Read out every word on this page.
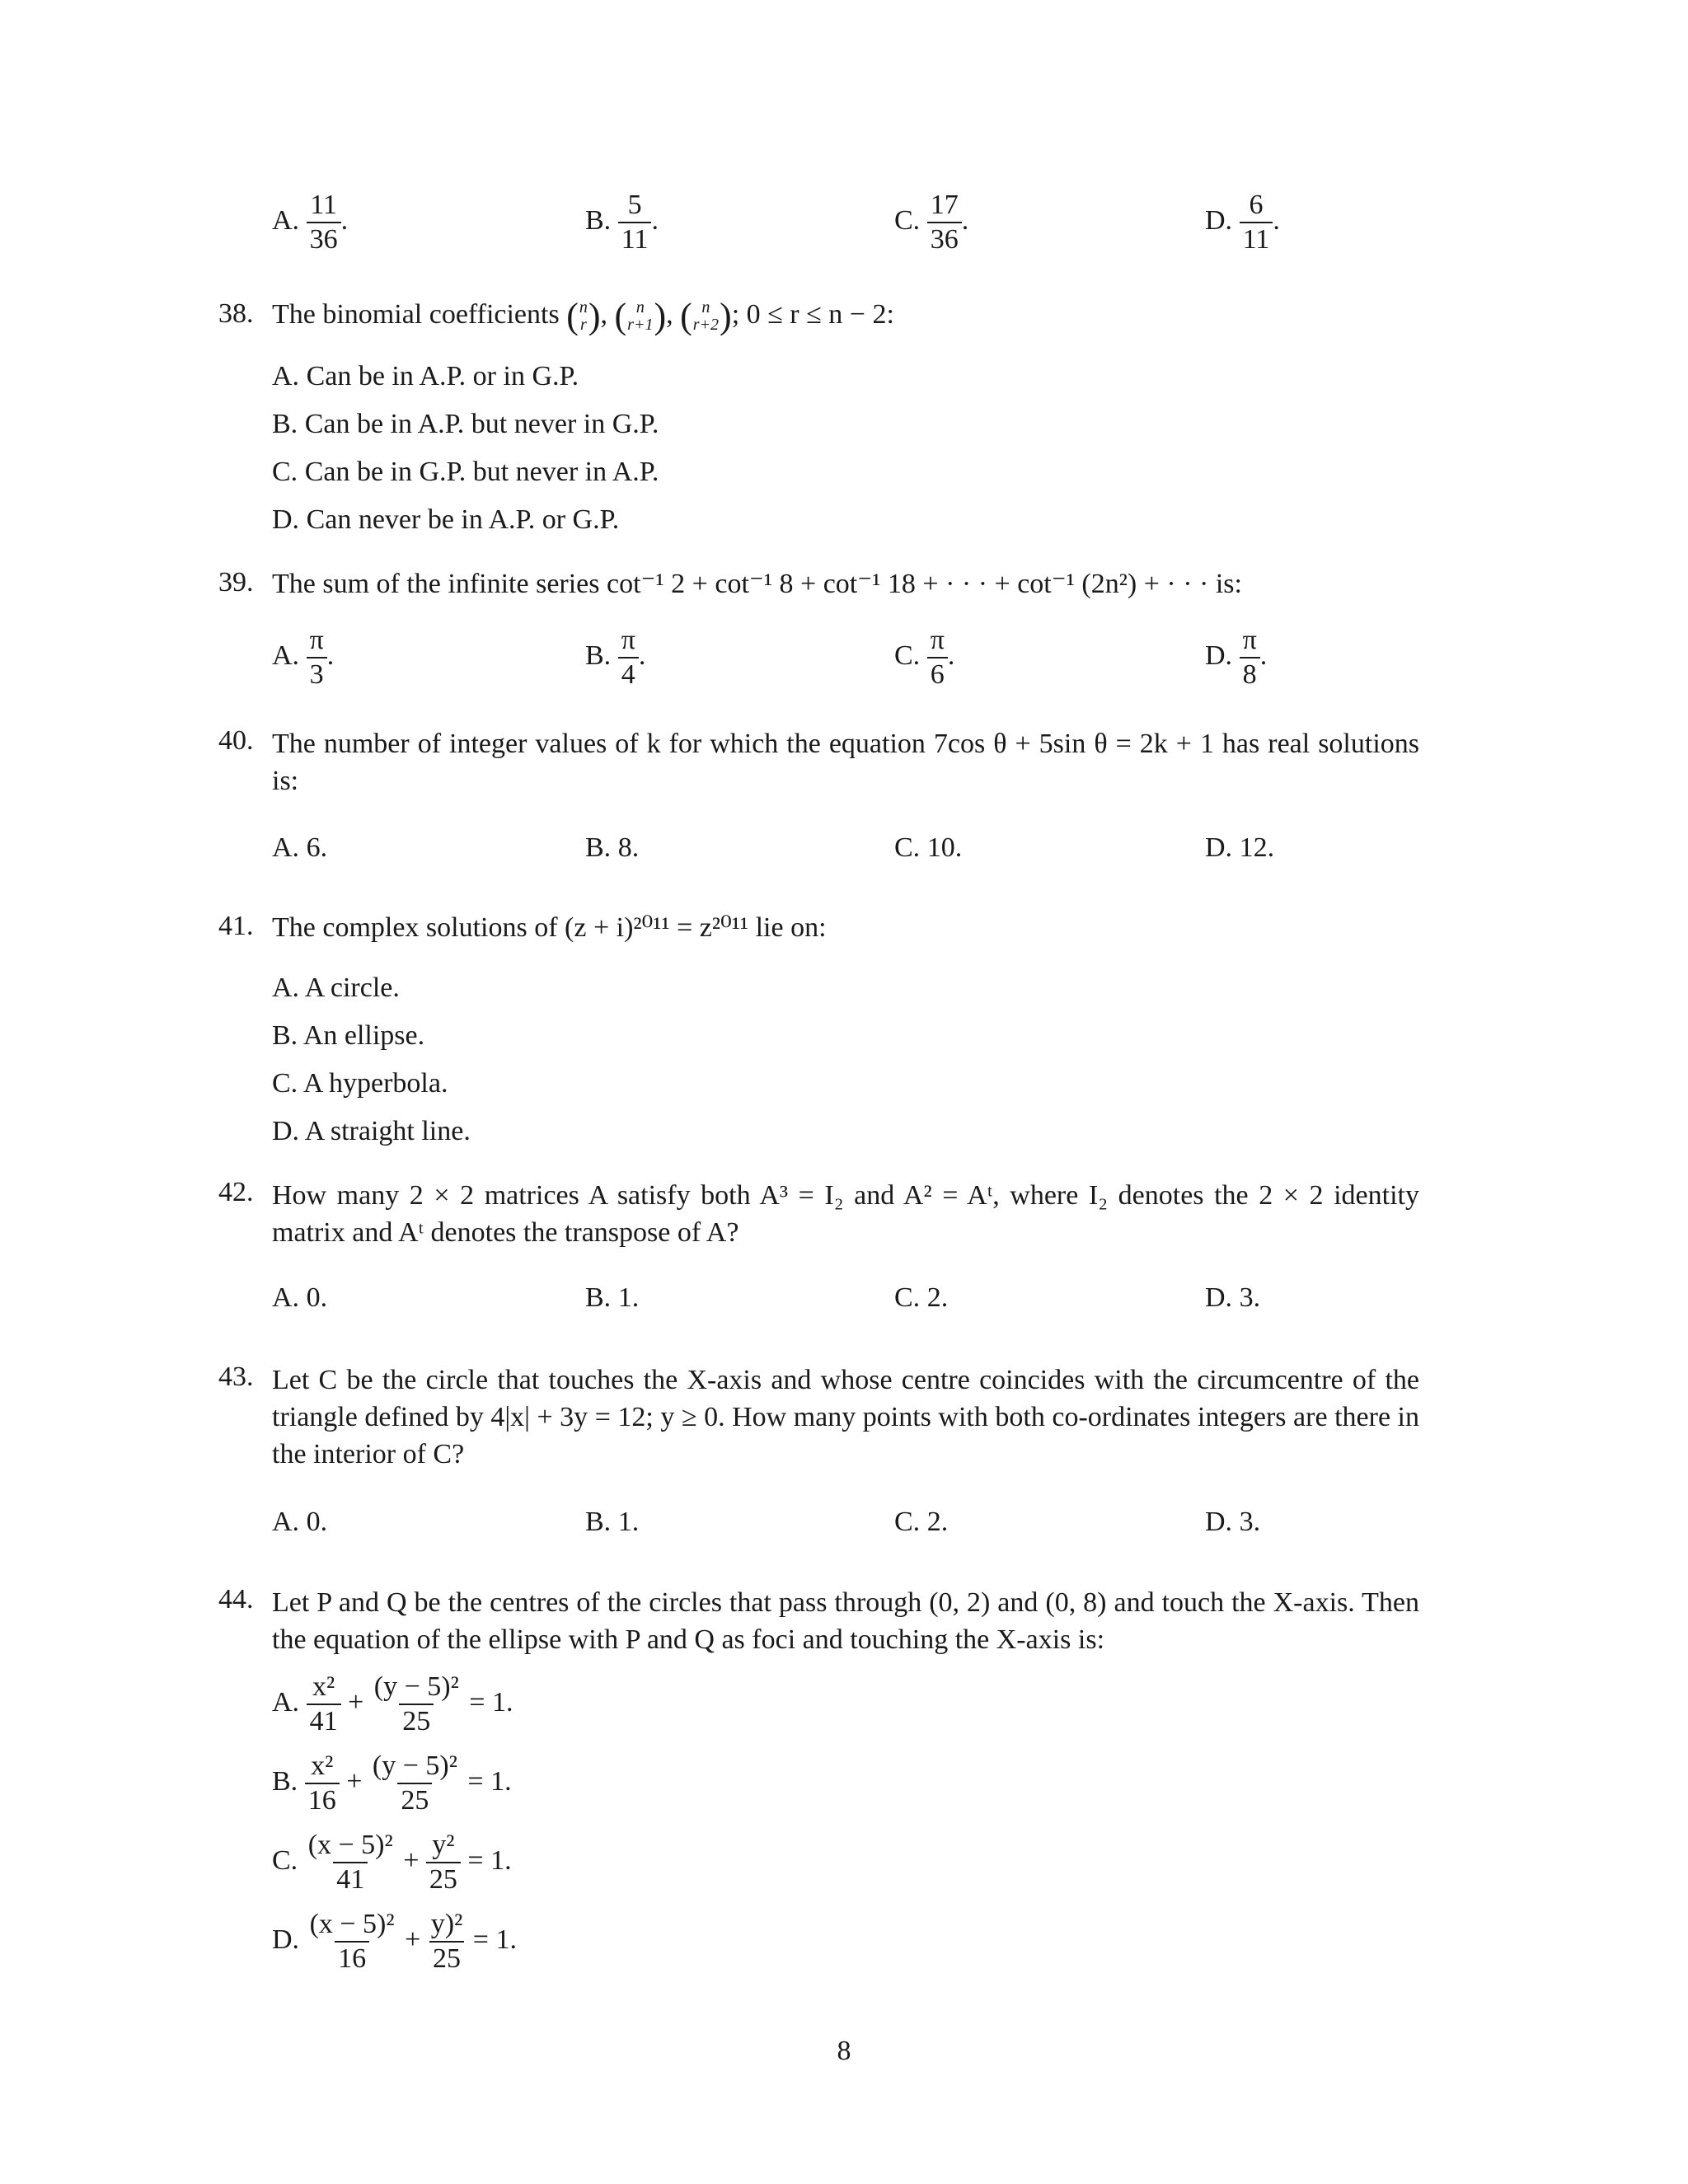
A. $\frac{11}{36}$ .	B. $\frac{5}{11}$ .	C. $\frac{17}{36}$ .	D. $\frac{6}{11}$ .
38. The binomial coefficients ( n
r ) , ( n
r+1 ) , ( n
r+2 ) ; 0 ≤ r ≤ n − 2:
A. Can be in A.P. or in G.P.
B. Can be in A.P. but never in G.P.
C. Can be in G.P. but never in A.P.
D. Can never be in A.P. or G.P.
39. The sum of the infinite series cot⁻¹ 2 + cot⁻¹ 8 + cot⁻¹ 18 + · · · + cot⁻¹ (2n²) + · · · is:
A. $\frac{\pi}{3}$ .	B. $\frac{\pi}{4}$ .	C. $\frac{\pi}{6}$ .	D. $\frac{\pi}{8}$ .
40. The number of integer values of k for which the equation 7cos θ + 5sin θ = 2k + 1 has real solutions is:
A. 6.	B. 8.	C. 10.	D. 12.
41. The complex solutions of (z + i)²⁰¹¹ = z²⁰¹¹ lie on:
A. A circle.
B. An ellipse.
C. A hyperbola.
D. A straight line.
42. How many 2 × 2 matrices A satisfy both A³ = I₂ and A² = Aᵗ, where I₂ denotes the 2 × 2 identity matrix and Aᵗ denotes the transpose of A?
A. 0.	B. 1.	C. 2.	D. 3.
43. Let C be the circle that touches the X-axis and whose centre coincides with the circumcentre of the triangle defined by 4|x| + 3y = 12; y ≥ 0. How many points with both co-ordinates integers are there in the interior of C?
A. 0.	B. 1.	C. 2.	D. 3.
44. Let P and Q be the centres of the circles that pass through (0, 2) and (0, 8) and touch the X-axis. Then the equation of the ellipse with P and Q as foci and touching the X-axis is:
A. $\frac{\text{x²}}{41} + \frac{\text{(y − 5)²}}{25} = 1$.
B. $\frac{\text{x²}}{16} + \frac{\text{(y − 5)²}}{25} = 1$.
C. $\frac{\text{(x − 5)²}}{41} + \frac{\text{y²}}{25} = 1$.
D. $\frac{\text{(x − 5)²}}{16} + \frac{\text{y)²}}{25} = 1$.
8
